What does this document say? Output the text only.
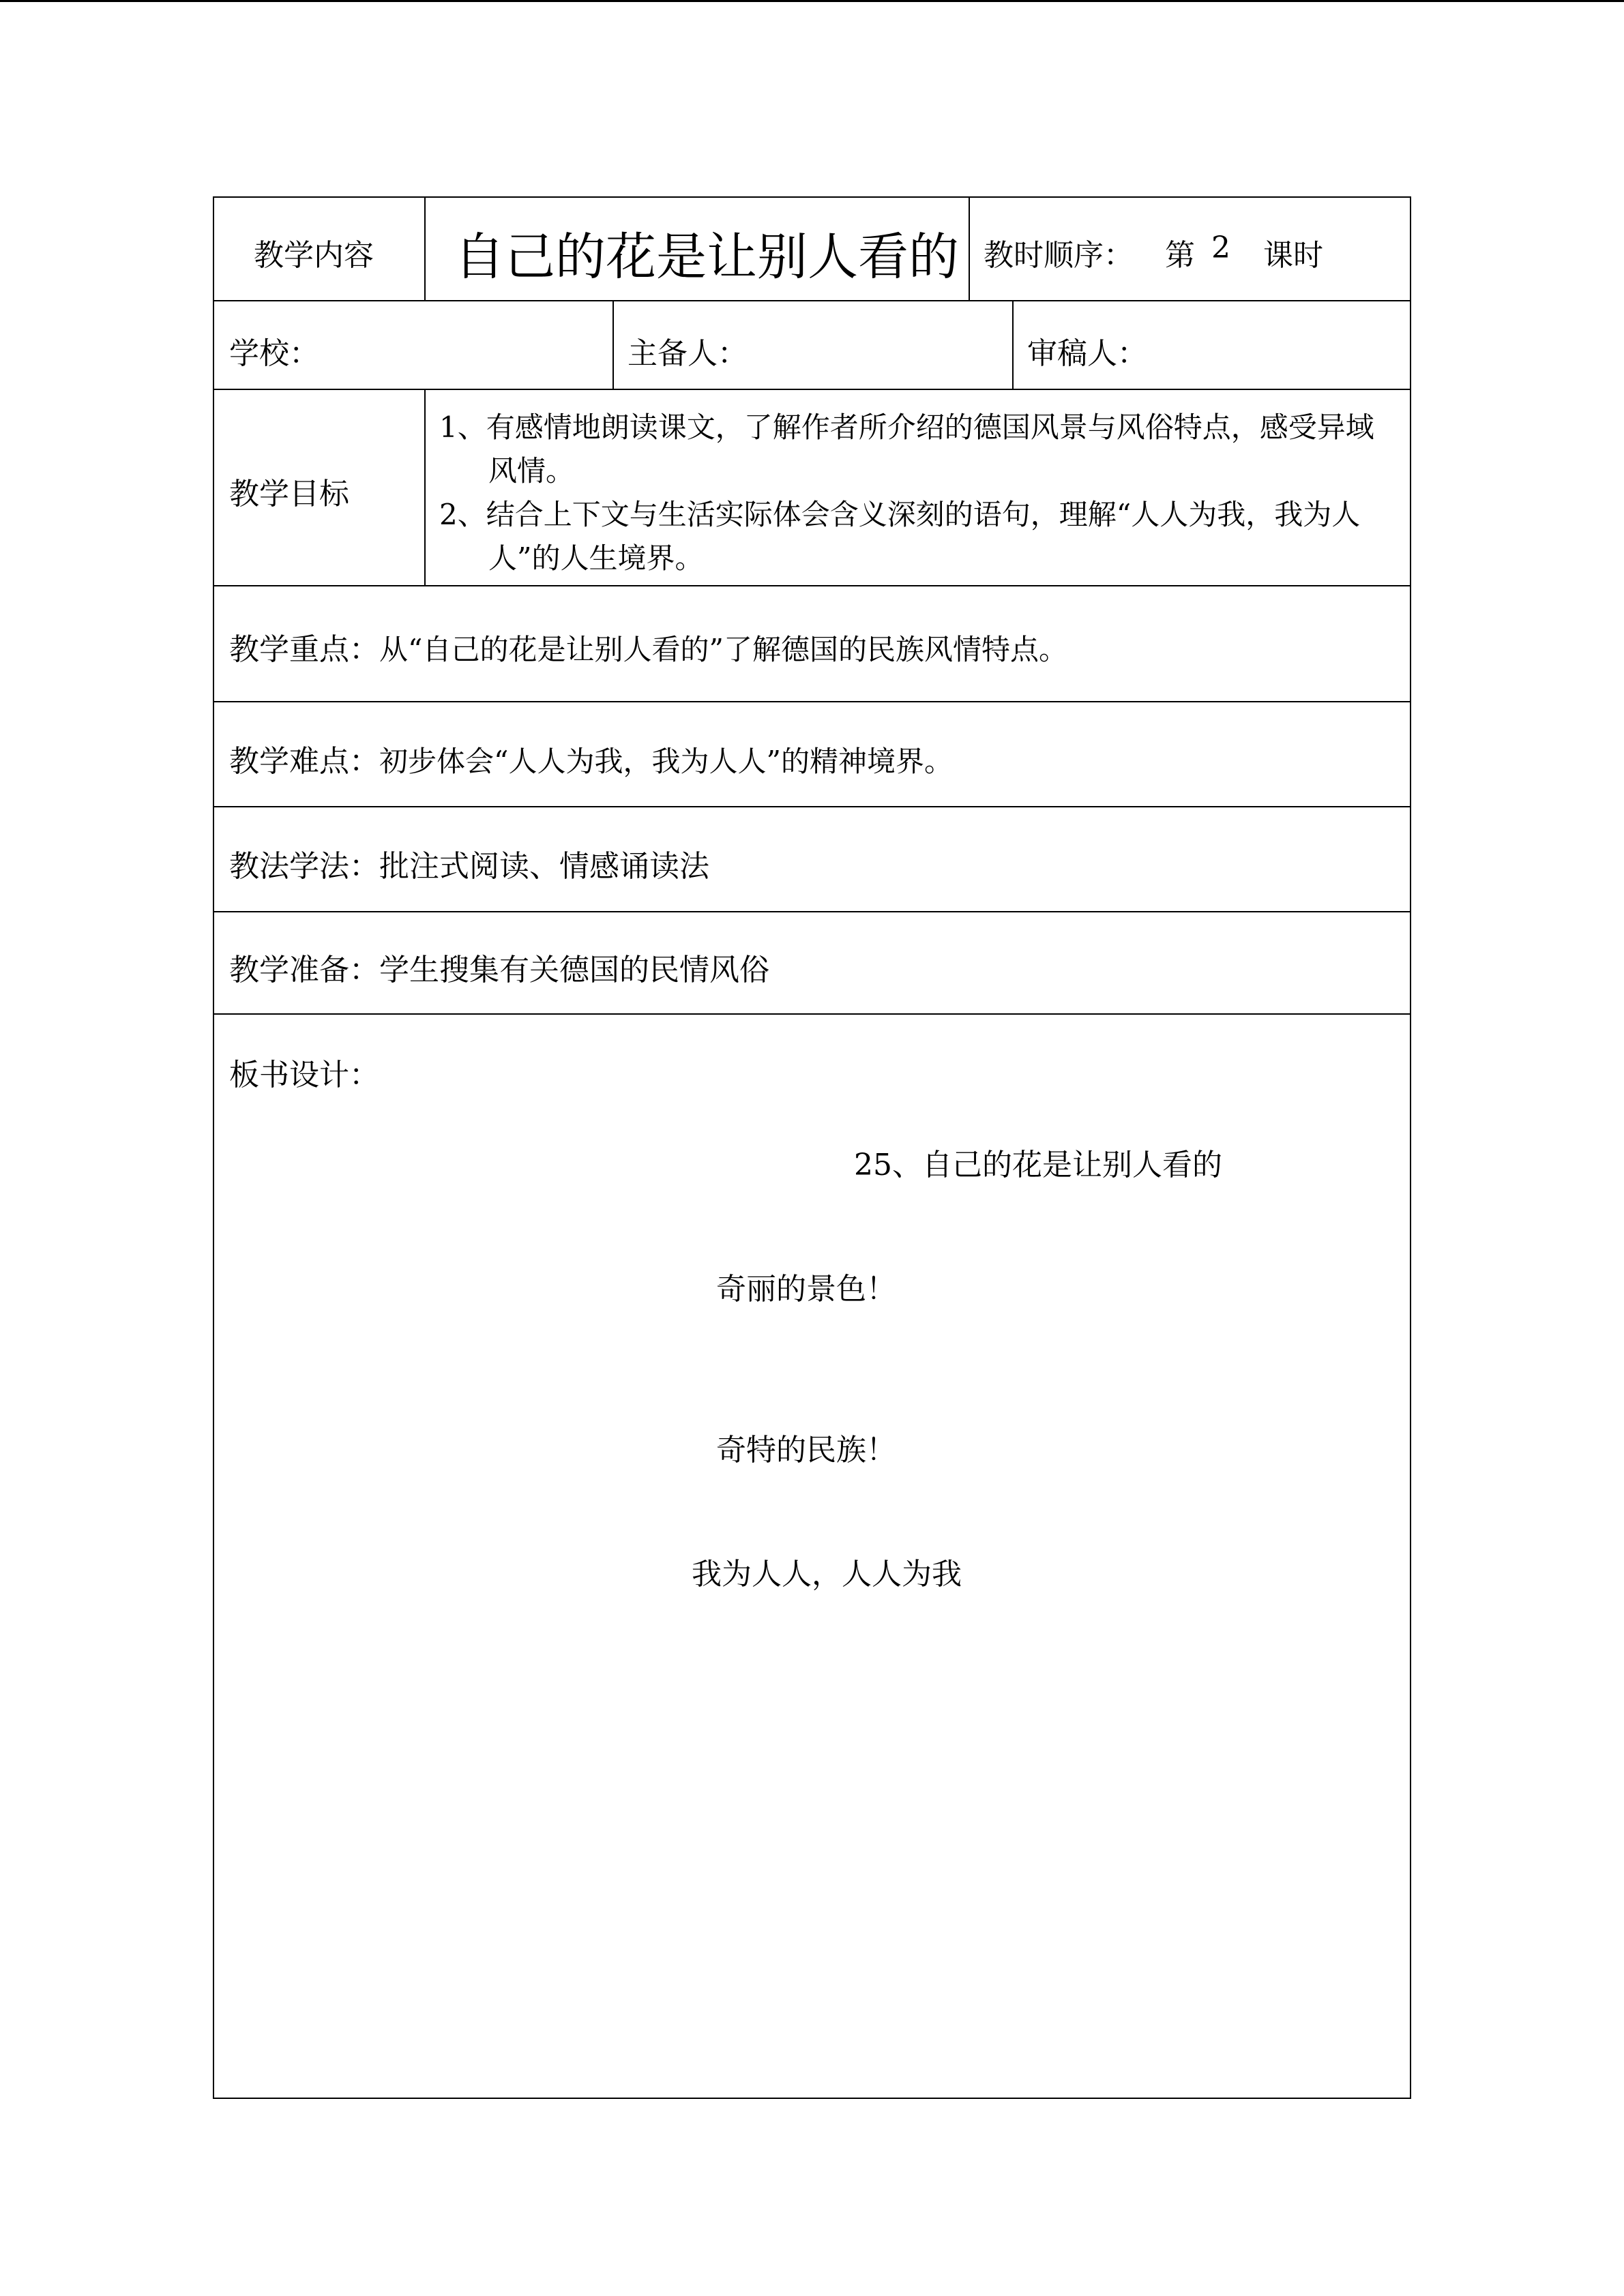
教学内容 自己的花是让别人看的 教时顺序： 第 2 课时
学校：	主备人：	审稿人：
教学目标
1、有感情地朗读课文，了解作者所介绍的德国风景与风俗特点，感受异域
风情。
2、结合上下文与生活实际体会含义深刻的语句，理解“人人为我，我为人
人”的人生境界。
教学重点：从“自己的花是让别人看的”了解德国的民族风情特点。
教学难点：初步体会“人人为我，我为人人”的精神境界。
教法学法：批注式阅读、情感诵读法
教学准备：学生搜集有关德国的民情风俗
板书设计：
25、自己的花是让别人看的
奇丽的景色！
奇特的民族！
我为人人，人人为我
